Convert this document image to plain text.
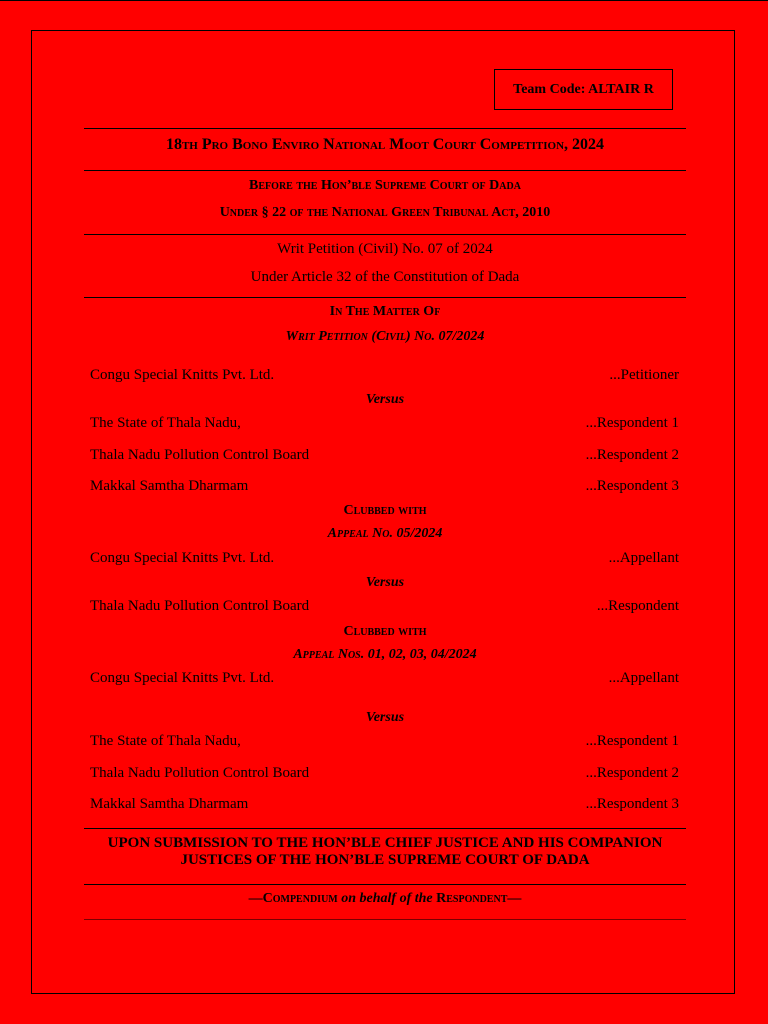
Team Code: ALTAIR R
18th Pro Bono Enviro National Moot Court Competition, 2024
Before the Hon’ble Supreme Court of Dada
Under § 22 of the National Green Tribunal Act, 2010
Writ Petition (Civil) No. 07 of 2024
Under Article 32 of the Constitution of Dada
In The Matter Of
Writ Petition (Civil) No. 07/2024
Congu Special Knitts Pvt. Ltd.	...Petitioner
Versus
The State of Thala Nadu,	...Respondent 1
Thala Nadu Pollution Control Board	...Respondent 2
Makkal Samtha Dharmam	...Respondent 3
Clubbed with
Appeal No. 05/2024
Congu Special Knitts Pvt. Ltd.	...Appellant
Versus
Thala Nadu Pollution Control Board	...Respondent
Clubbed with
Appeal Nos. 01, 02, 03, 04/2024
Congu Special Knitts Pvt. Ltd.	...Appellant
Versus
The State of Thala Nadu,	...Respondent 1
Thala Nadu Pollution Control Board	...Respondent 2
Makkal Samtha Dharmam	...Respondent 3
UPON SUBMISSION TO THE HON’BLE CHIEF JUSTICE AND HIS COMPANION
JUSTICES OF THE HON’BLE SUPREME COURT OF DADA
—Compendium on behalf of the Respondent—
